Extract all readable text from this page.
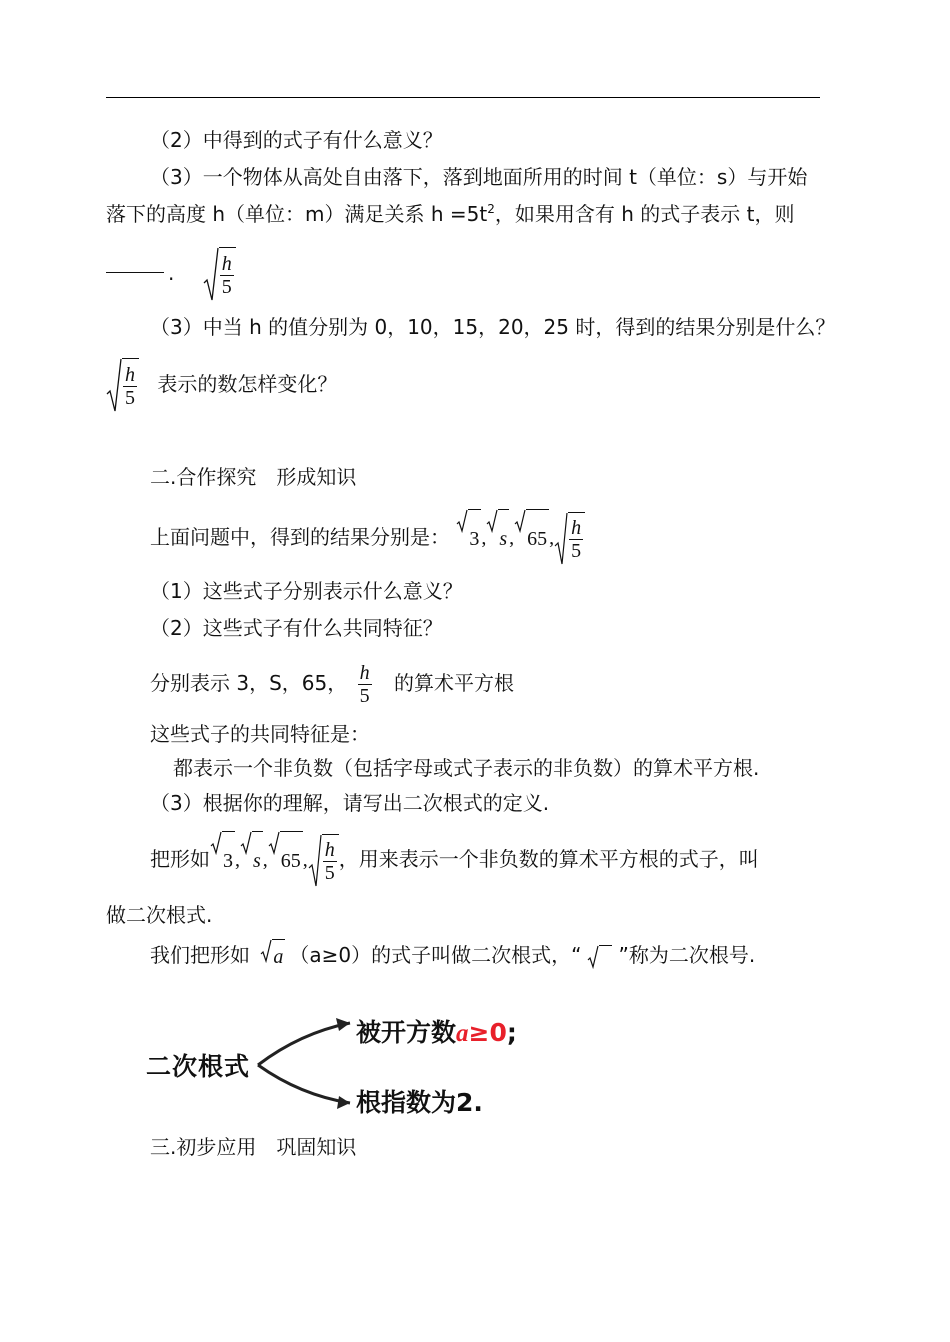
（2）中得到的式子有什么意义？
（3）一个物体从高处自由落下，落到地面所用的时间 t（单位：s）与开始
落下的高度 h（单位：m）满足关系 $h =5t^2$，如果用含有 h 的式子表示 t，则
. $\frac{h}{5}$
（3）中当 h 的值分别为 0，10，15，20，25 时，得到的结果分别是什么？
$\frac{h}{5}$ 表示的数怎样变化？
二.合作探究　形成知识
上面问题中，得到的结果分别是： 3 , s , 65 , $\frac{h}{5}$
（1）这些式子分别表示什么意义？
（2）这些式子有什么共同特征？
分别表示 3，S，65， $\frac{h}{5}$ 的算术平方根
这些式子的共同特征是：
都表示一个非负数（包括字母或式子表示的非负数）的算术平方根.
（3）根据你的理解，请写出二次根式的定义.
把形如 3 , s , 65 , $\frac{h}{5}$ ，用来表示一个非负数的算术平方根的式子，叫
做二次根式.
我们把形如 a （a≥0）的式子叫做二次根式，“ ”称为二次根号.
二次根式
被开方数a≥0;
根指数为2.
三.初步应用　巩固知识
